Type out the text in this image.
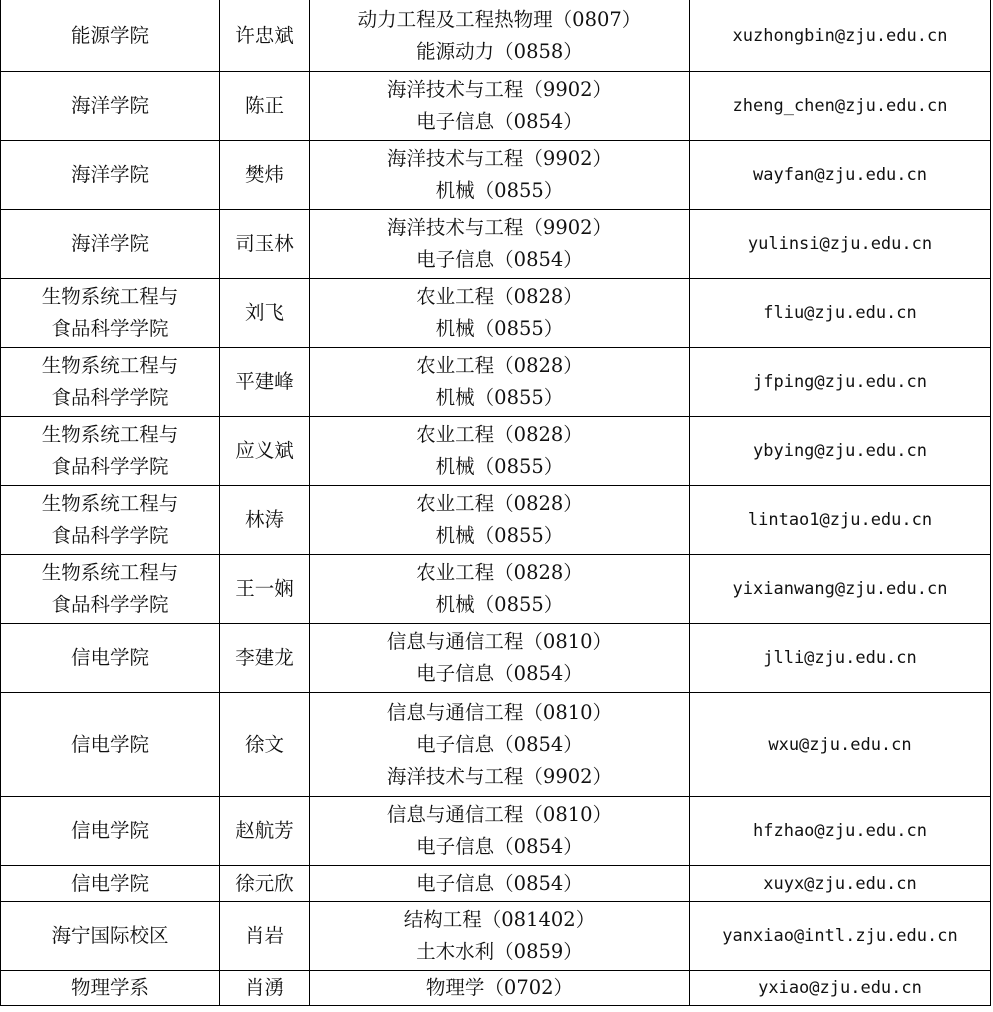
能源学院	许忠斌	动力工程及工程热物理（0807）
能源动力（0858）	xuzhongbin@zju.edu.cn

海洋学院	陈正	海洋技术与工程（9902）
电子信息（0854）	zheng_chen@zju.edu.cn

海洋学院	樊炜	海洋技术与工程（9902）
机械（0855）	wayfan@zju.edu.cn

海洋学院	司玉林	海洋技术与工程（9902）
电子信息（0854）	yulinsi@zju.edu.cn

生物系统工程与
食品科学学院	刘飞	农业工程（0828）
机械（0855）	fliu@zju.edu.cn

生物系统工程与
食品科学学院	平建峰	农业工程（0828）
机械（0855）	jfping@zju.edu.cn

生物系统工程与
食品科学学院	应义斌	农业工程（0828）
机械（0855）	ybying@zju.edu.cn

生物系统工程与
食品科学学院	林涛	农业工程（0828）
机械（0855）	lintao1@zju.edu.cn

生物系统工程与
食品科学学院	王一娴	农业工程（0828）
机械（0855）	yixianwang@zju.edu.cn

信电学院	李建龙	信息与通信工程（0810）
电子信息（0854）	jlli@zju.edu.cn

信电学院	徐文	信息与通信工程（0810）
电子信息（0854）
海洋技术与工程（9902）	wxu@zju.edu.cn

信电学院	赵航芳	信息与通信工程（0810）
电子信息（0854）	hfzhao@zju.edu.cn

信电学院	徐元欣	电子信息（0854）	xuyx@zju.edu.cn

海宁国际校区	肖岩	结构工程（081402）
土木水利（0859）	yanxiao@intl.zju.edu.cn

物理学系	肖湧	物理学（0702）	yxiao@zju.edu.cn
